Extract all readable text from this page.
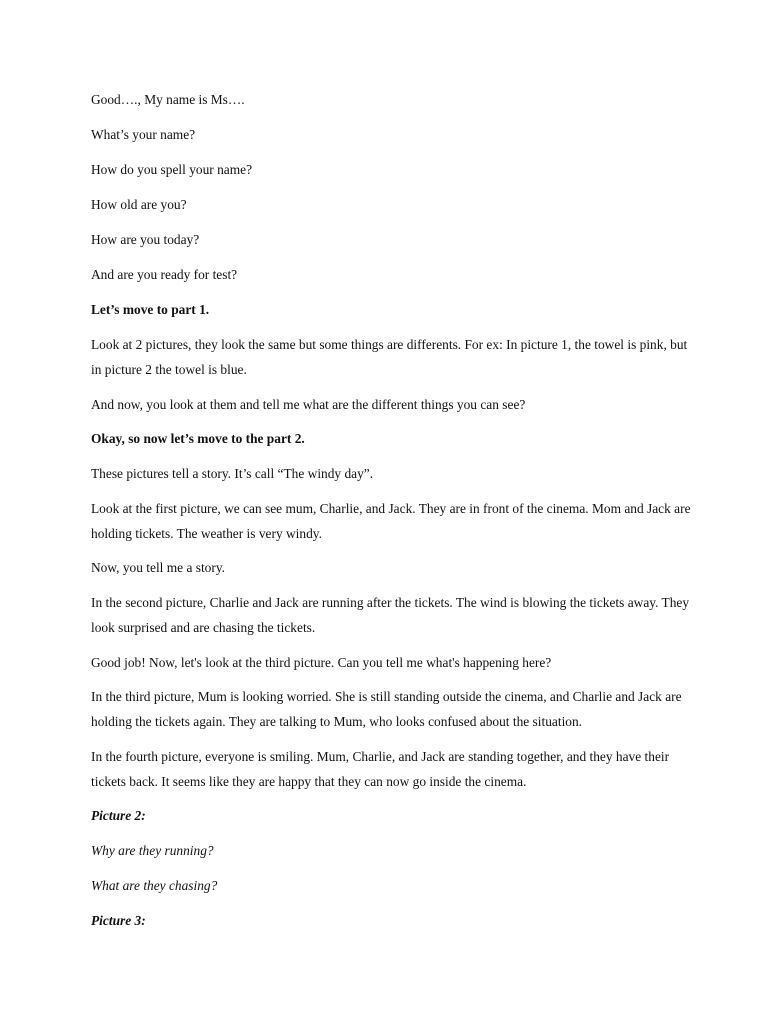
Good…., My name is Ms….

What’s your name?

How do you spell your name?

How old are you?

How are you today?

And are you ready for test?

Let’s move to part 1.

Look at 2 pictures, they look the same but some things are differents. For ex: In picture 1, the towel is pink, but in picture 2 the towel is blue.

And now, you look at them and tell me what are the different things you can see?

Okay, so now let’s move to the part 2.

These pictures tell a story. It’s call “The windy day”.

Look at the first picture, we can see mum, Charlie, and Jack. They are in front of the cinema. Mom and Jack are holding tickets. The weather is very windy.

Now, you tell me a story.

In the second picture, Charlie and Jack are running after the tickets. The wind is blowing the tickets away. They look surprised and are chasing the tickets.

Good job! Now, let's look at the third picture. Can you tell me what's happening here?

In the third picture, Mum is looking worried. She is still standing outside the cinema, and Charlie and Jack are holding the tickets again. They are talking to Mum, who looks confused about the situation.

In the fourth picture, everyone is smiling. Mum, Charlie, and Jack are standing together, and they have their tickets back. It seems like they are happy that they can now go inside the cinema.

Picture 2:

Why are they running?

What are they chasing?

Picture 3:
